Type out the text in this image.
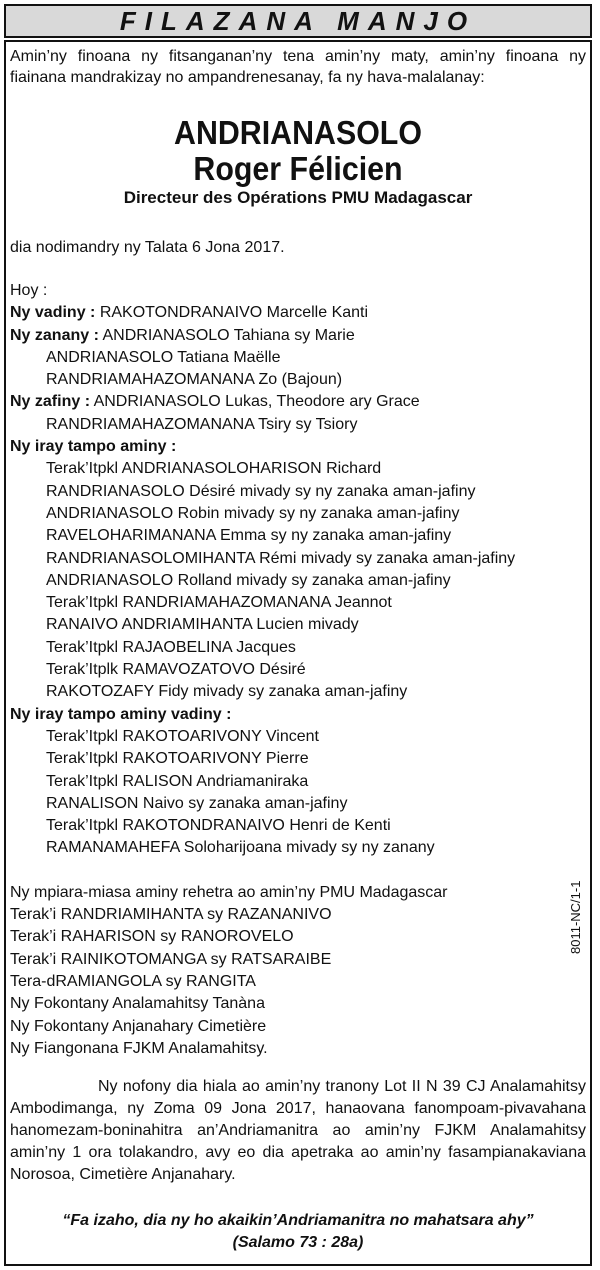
FILAZANA MANJO

Amin’ny finoana ny fitsanganan’ny tena amin’ny maty, amin’ny finoana ny fiainana mandrakizay no ampandrenesanay, fa ny hava-malalanay:

ANDRIANASOLO
Roger Félicien
Directeur des Opérations PMU Madagascar

dia nodimandry ny Talata 6 Jona 2017.

Hoy :
Ny vadiny : RAKOTONDRANAIVO Marcelle Kanti
Ny zanany : ANDRIANASOLO Tahiana sy Marie
ANDRIANASOLO Tatiana Maëlle
RANDRIAMAHAZOMANANA Zo (Bajoun)
Ny zafiny : ANDRIANASOLO Lukas, Theodore ary Grace
RANDRIAMAHAZOMANANA Tsiry sy Tsiory
Ny iray tampo aminy :
Terak’Itpkl ANDRIANASOLOHARISON Richard
RANDRIANASOLO Désiré mivady sy ny zanaka aman-jafiny
ANDRIANASOLO Robin mivady sy ny zanaka aman-jafiny
RAVELOHARIMANANA Emma sy ny zanaka aman-jafiny
RANDRIANASOLOMIHANTA Rémi mivady sy zanaka aman-jafiny
ANDRIANASOLO Rolland mivady sy zanaka aman-jafiny
Terak’Itpkl RANDRIAMAHAZOMANANA Jeannot
RANAIVO ANDRIAMIHANTA Lucien mivady
Terak’Itpkl RAJAOBELINA Jacques
Terak’Itplk RAMAVOZATOVO Désiré
RAKOTOZAFY Fidy mivady sy zanaka aman-jafiny
Ny iray tampo aminy vadiny :
Terak’Itpkl RAKOTOARIVONY Vincent
Terak’Itpkl RAKOTOARIVONY Pierre
Terak’Itpkl RALISON Andriamaniraka
RANALISON Naivo sy zanaka aman-jafiny
Terak’Itpkl RAKOTONDRANAIVO Henri de Kenti
RAMANAMAHEFA Soloharijoana mivady sy ny zanany
Ny mpiara-miasa aminy rehetra ao amin’ny PMU Madagascar
Terak’i RANDRIAMIHANTA sy RAZANANIVO
Terak’i RAHARISON sy RANOROVELO
Terak’i RAINIKOTOMANGA sy RATSARAIBE
Tera-dRAMIANGOLA sy RANGITA
Ny Fokontany Analamahitsy Tanàna
Ny Fokontany Anjanahary Cimetière
Ny Fiangonana FJKM Analamahitsy.

Ny nofony dia hiala ao amin’ny tranony Lot II N 39 CJ Analamahitsy Ambodimanga, ny Zoma 09 Jona 2017, hanaovana fanompoam-pivavahana hanomezam-boninahitra an’Andriamanitra ao amin’ny FJKM Analamahitsy amin’ny 1 ora tolakandro, avy eo dia apetraka ao amin’ny fasampianakaviana Norosoa, Cimetière Anjanahary.

“Fa izaho, dia ny ho akaikin’Andriamanitra no mahatsara ahy”
(Salamo 73 : 28a)
8011-NC/1-1
